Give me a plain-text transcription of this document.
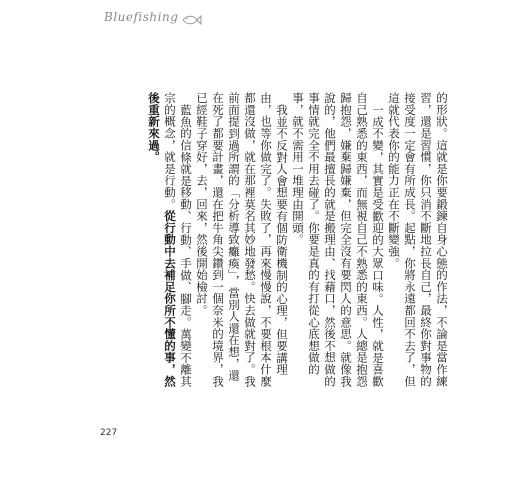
Bluefishing

的形狀。這就是你要鍛鍊自身心態的作法，不論是當作練習，還是習慣，你只消不斷地拉長自己，最終你對事物的接受度一定會有所成長。起點，你將永遠都回不去了，但這就代表你的能力正在不斷變強。

一成不變，其實是受歡迎的大眾口味。人性，就是喜歡自己熟悉的東西，而無視自己不熟悉的東西。人總是抱怨歸抱怨，嫌棄歸嫌棄，但完全沒有要閃人的意思。就像我說的，他們最擅長的就是搬理由、找藉口，然後不想做的事情就完全不用去碰了。你要是真的有打從心底想做的事，就不需用一堆理由開頭。

我並不反對人會想要有個防衛機制的心理，但要講理由，也等你做完了。失敗了，再來慢慢說，不要根本什麼都還沒做，就在那裡莫名其妙地發愁。快去做就對了。我前面提到過所謂的「分析導致癱瘓」，當別人還在想，還在死了都要計畫，還在把牛角尖鑽到一個奈米的境界，我已經鞋子穿好，去，回來，然後開始檢討。

藍魚的信條就是移動、行動、手做、腳走。萬變不離其宗的概念，就是行動。從行動中去補足你所不懂的事，然後重新來過。

227
